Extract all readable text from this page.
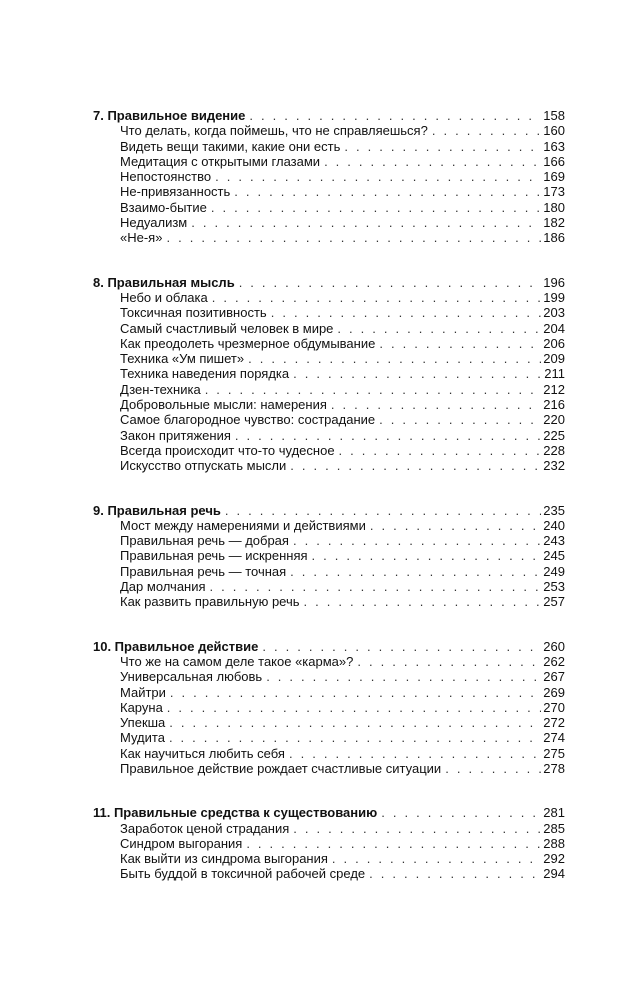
7. Правильное видение . . .	158
Что делать, когда поймешь, что не справляешься? . . .	160
Видеть вещи такими, какие они есть . . .	163
Медитация с открытыми глазами . . .	166
Непостоянство . . .	169
Не-привязанность . . .	173
Взаимо-бытие . . .	180
Недуализм . . .	182
«Не-я» . . .	186
8. Правильная мысль . . .	196
Небо и облака . . .	199
Токсичная позитивность . . .	203
Самый счастливый человек в мире . . .	204
Как преодолеть чрезмерное обдумывание . . .	206
Техника «Ум пишет» . . .	209
Техника наведения порядка . . .	211
Дзен-техника . . .	212
Добровольные мысли: намерения . . .	216
Самое благородное чувство: сострадание . . .	220
Закон притяжения . . .	225
Всегда происходит что-то чудесное . . .	228
Искусство отпускать мысли . . .	232
9. Правильная речь . . .	235
Мост между намерениями и действиями . . .	240
Правильная речь — добрая . . .	243
Правильная речь — искренняя . . .	245
Правильная речь — точная . . .	249
Дар молчания . . .	253
Как развить правильную речь . . .	257
10. Правильное действие . . .	260
Что же на самом деле такое «карма»? . . .	262
Универсальная любовь . . .	267
Майтри . . .	269
Каруна . . .	270
Упекша . . .	272
Мудита . . .	274
Как научиться любить себя . . .	275
Правильное действие рождает счастливые ситуации . . .	278
11. Правильные средства к существованию . . .	281
Заработок ценой страдания . . .	285
Синдром выгорания . . .	288
Как выйти из синдрома выгорания . . .	292
Быть буддой в токсичной рабочей среде . . .	294
